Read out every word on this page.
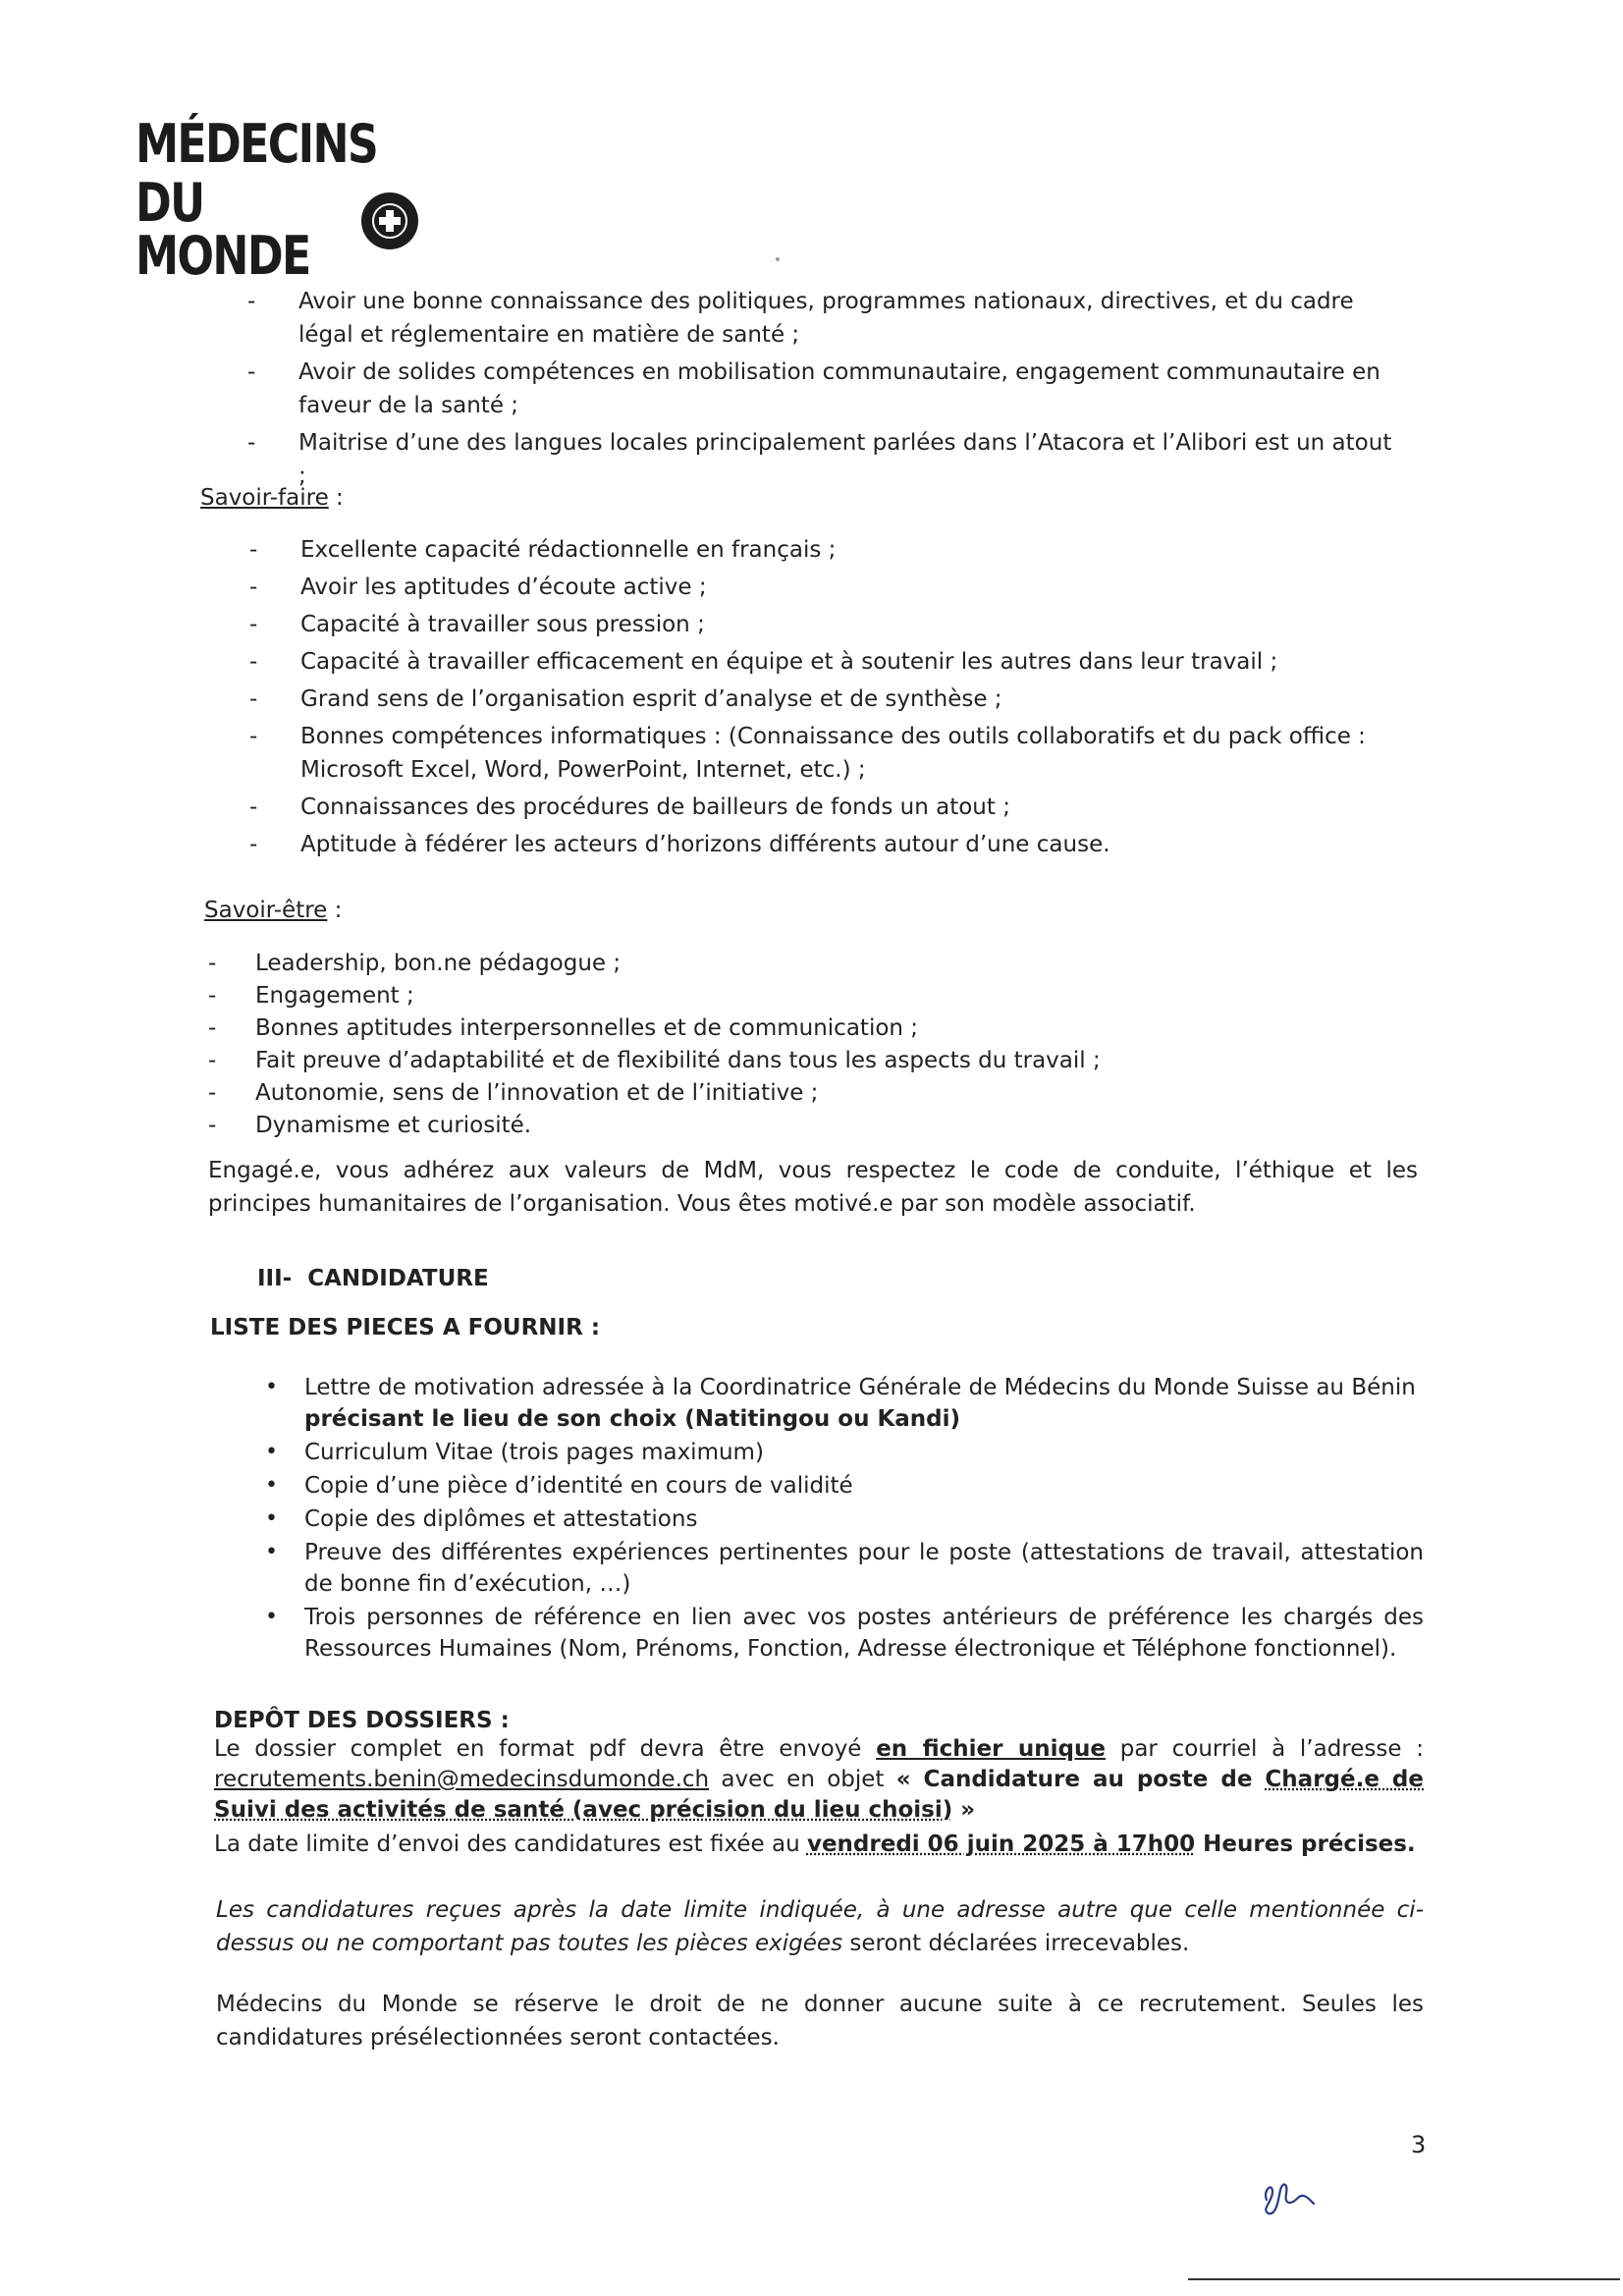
MÉDECINS
DU MONDE
- Avoir une bonne connaissance des politiques, programmes nationaux, directives, et du cadre légal et réglementaire en matière de santé ;
- Avoir de solides compétences en mobilisation communautaire, engagement communautaire en faveur de la santé ;
- Maitrise d’une des langues locales principalement parlées dans l’Atacora et l’Alibori est un atout ;
Savoir-faire :
- Excellente capacité rédactionnelle en français ;
- Avoir les aptitudes d’écoute active ;
- Capacité à travailler sous pression ;
- Capacité à travailler efficacement en équipe et à soutenir les autres dans leur travail ;
- Grand sens de l’organisation esprit d’analyse et de synthèse ;
- Bonnes compétences informatiques : (Connaissance des outils collaboratifs et du pack office : Microsoft Excel, Word, PowerPoint, Internet, etc.) ;
- Connaissances des procédures de bailleurs de fonds un atout ;
- Aptitude à fédérer les acteurs d’horizons différents autour d’une cause.
Savoir-être :
- Leadership, bon.ne pédagogue ;
- Engagement ;
- Bonnes aptitudes interpersonnelles et de communication ;
- Fait preuve d’adaptabilité et de flexibilité dans tous les aspects du travail ;
- Autonomie, sens de l’innovation et de l’initiative ;
- Dynamisme et curiosité.
Engagé.e, vous adhérez aux valeurs de MdM, vous respectez le code de conduite, l’éthique et les principes humanitaires de l’organisation. Vous êtes motivé.e par son modèle associatif.
III- CANDIDATURE
LISTE DES PIECES A FOURNIR :
• Lettre de motivation adressée à la Coordinatrice Générale de Médecins du Monde Suisse au Bénin précisant le lieu de son choix (Natitingou ou Kandi)
• Curriculum Vitae (trois pages maximum)
• Copie d’une pièce d’identité en cours de validité
• Copie des diplômes et attestations
• Preuve des différentes expériences pertinentes pour le poste (attestations de travail, attestation de bonne fin d’exécution, …)
• Trois personnes de référence en lien avec vos postes antérieurs de préférence les chargés des Ressources Humaines (Nom, Prénoms, Fonction, Adresse électronique et Téléphone fonctionnel).
DEPÔT DES DOSSIERS :
Le dossier complet en format pdf devra être envoyé en fichier unique par courriel à l’adresse : recrutements.benin@medecinsdumonde.ch avec en objet « Candidature au poste de Chargé.e de Suivi des activités de santé (avec précision du lieu choisi) »
La date limite d’envoi des candidatures est fixée au vendredi 06 juin 2025 à 17h00 Heures précises.
Les candidatures reçues après la date limite indiquée, à une adresse autre que celle mentionnée ci-dessus ou ne comportant pas toutes les pièces exigées seront déclarées irrecevables.
Médecins du Monde se réserve le droit de ne donner aucune suite à ce recrutement. Seules les candidatures présélectionnées seront contactées.
3
